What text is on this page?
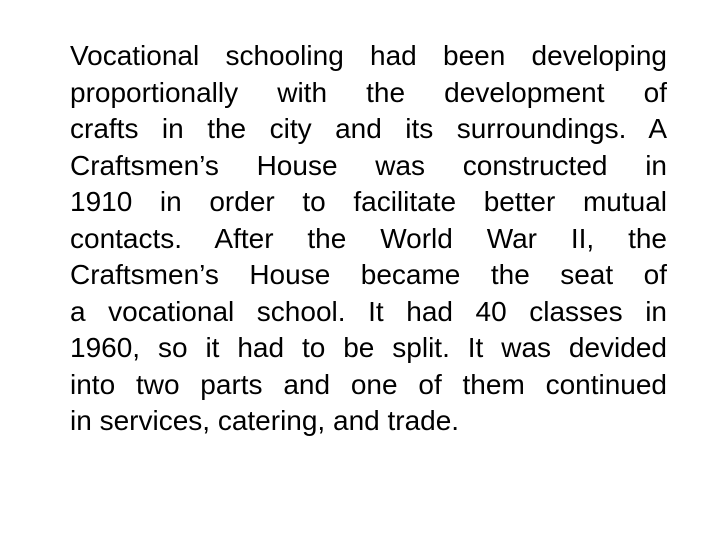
Vocational schooling had been developing
proportionally with the development of
crafts in the city and its surroundings. A
Craftsmen’s House was constructed in
1910 in order to facilitate better mutual
contacts. After the World War II, the
Craftsmen’s House became the seat of
a vocational school. It had 40 classes in
1960, so it had to be split. It was devided
into two parts and one of them continued
in services, catering, and trade.
